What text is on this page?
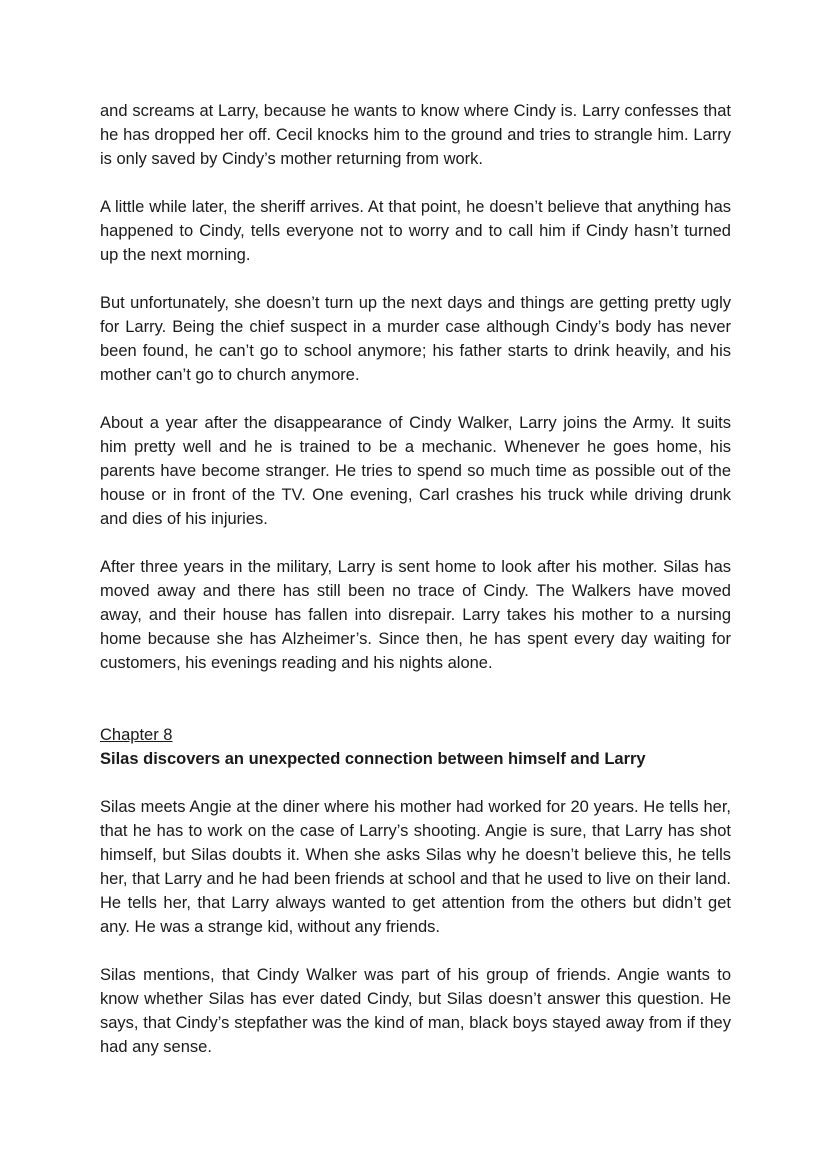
and screams at Larry, because he wants to know where Cindy is. Larry confesses that he has dropped her off. Cecil knocks him to the ground and tries to strangle him. Larry is only saved by Cindy’s mother returning from work.

A little while later, the sheriff arrives. At that point, he doesn’t believe that anything has happened to Cindy, tells everyone not to worry and to call him if Cindy hasn’t turned up the next morning.

But unfortunately, she doesn’t turn up the next days and things are getting pretty ugly for Larry. Being the chief suspect in a murder case although Cindy’s body has never been found, he can’t go to school anymore; his father starts to drink heavily, and his mother can’t go to church anymore.

About a year after the disappearance of Cindy Walker, Larry joins the Army. It suits him pretty well and he is trained to be a mechanic. Whenever he goes home, his parents have become stranger. He tries to spend so much time as possible out of the house or in front of the TV. One evening, Carl crashes his truck while driving drunk and dies of his injuries.

After three years in the military, Larry is sent home to look after his mother. Silas has moved away and there has still been no trace of Cindy. The Walkers have moved away, and their house has fallen into disrepair. Larry takes his mother to a nursing home because she has Alzheimer’s. Since then, he has spent every day waiting for customers, his evenings reading and his nights alone.

Chapter 8

Silas discovers an unexpected connection between himself and Larry

Silas meets Angie at the diner where his mother had worked for 20 years. He tells her, that he has to work on the case of Larry’s shooting. Angie is sure, that Larry has shot himself, but Silas doubts it. When she asks Silas why he doesn’t believe this, he tells her, that Larry and he had been friends at school and that he used to live on their land. He tells her, that Larry always wanted to get attention from the others but didn’t get any. He was a strange kid, without any friends.

Silas mentions, that Cindy Walker was part of his group of friends. Angie wants to know whether Silas has ever dated Cindy, but Silas doesn’t answer this question. He says, that Cindy’s stepfather was the kind of man, black boys stayed away from if they had any sense.
